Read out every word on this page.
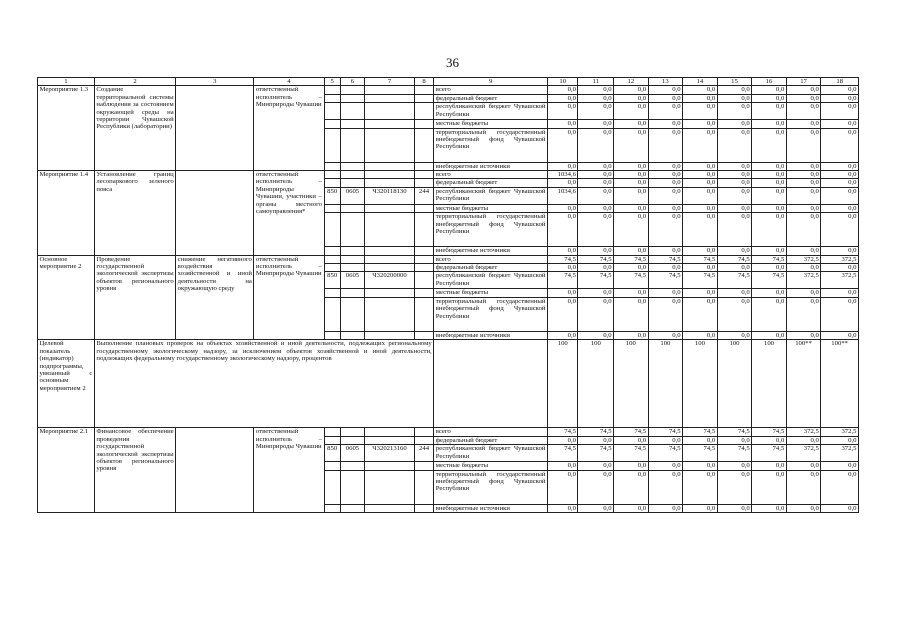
36
1	2	3	4	5	6	7	8	9	10	11	12	13	14	15	16	17	18
Мероприятие 1.3	Создание территориальной системы наблюдения за состоянием окружающей среды на территории Чувашской Республики (лаборатории)		ответственный исполнитель – Минприроды Чувашии					всего	0,0	0,0	0,0	0,0	0,0	0,0	0,0	0,0	0,0
								федеральный бюджет	0,0	0,0	0,0	0,0	0,0	0,0	0,0	0,0	0,0
								республиканский бюджет Чувашской Республики	0,0	0,0	0,0	0,0	0,0	0,0	0,0	0,0	0,0
								местные бюджеты	0,0	0,0	0,0	0,0	0,0	0,0	0,0	0,0	0,0
								территориальный государственный внебюджетный фонд Чувашской Республики	0,0	0,0	0,0	0,0	0,0	0,0	0,0	0,0	0,0
								внебюджетные источники	0,0	0,0	0,0	0,0	0,0	0,0	0,0	0,0	0,0
Мероприятие 1.4	Установление границ лесопаркового зеленого пояса		ответственный исполнитель – Минприроды Чувашии, участники – органы местного самоуправления*					всего	1034,6	0,0	0,0	0,0	0,0	0,0	0,0	0,0	0,0
								федеральный бюджет	0,0	0,0	0,0	0,0	0,0	0,0	0,0	0,0	0,0
				850	0605	Ч320118130	244	республиканский бюджет Чувашской Республики	1034,6	0,0	0,0	0,0	0,0	0,0	0,0	0,0	0,0
								местные бюджеты	0,0	0,0	0,0	0,0	0,0	0,0	0,0	0,0	0,0
								территориальный государственный внебюджетный фонд Чувашской Республики	0,0	0,0	0,0	0,0	0,0	0,0	0,0	0,0	0,0
								внебюджетные источники	0,0	0,0	0,0	0,0	0,0	0,0	0,0	0,0	0,0
Основное мероприятие 2	Проведение государственной экологической экспертизы объектов регионального уровня	снижение негативного воздействия хозяйственной и иной деятельности на окружающую среду	ответственный исполнитель – Минприроды Чувашии					всего	74,5	74,5	74,5	74,5	74,5	74,5	74,5	372,5	372,5
								федеральный бюджет	0,0	0,0	0,0	0,0	0,0	0,0	0,0	0,0	0,0
				850	0605	Ч320200000		республиканский бюджет Чувашской Республики	74,5	74,5	74,5	74,5	74,5	74,5	74,5	372,5	372,5
								местные бюджеты	0,0	0,0	0,0	0,0	0,0	0,0	0,0	0,0	0,0
								территориальный государственный внебюджетный фонд Чувашской Республики	0,0	0,0	0,0	0,0	0,0	0,0	0,0	0,0	0,0
								внебюджетные источники	0,0	0,0	0,0	0,0	0,0	0,0	0,0	0,0	0,0
Целевой показатель (индикатор) подпрограммы, увязанный с основным мероприятием 2	Выполнение плановых проверок на объектах хозяйственной и иной деятельности, подлежащих региональному государственному экологическому надзору, за исключением объектов хозяйственной и иной деятельности, подлежащих федеральному государственному экологическому надзору, процентов								100	100	100	100	100	100	100	100**	100**
Мероприятие 2.1	Финансовое обеспечение проведения государственной экологической экспертизы объектов регионального уровня		ответственный исполнитель – Минприроды Чувашии					всего	74,5	74,5	74,5	74,5	74,5	74,5	74,5	372,5	372,5
								федеральный бюджет	0,0	0,0	0,0	0,0	0,0	0,0	0,0	0,0	0,0
				850	0605	Ч320213160	244	республиканский бюджет Чувашской Республики	74,5	74,5	74,5	74,5	74,5	74,5	74,5	372,5	372,5
								местные бюджеты	0,0	0,0	0,0	0,0	0,0	0,0	0,0	0,0	0,0
								территориальный государственный внебюджетный фонд Чувашской Республики	0,0	0,0	0,0	0,0	0,0	0,0	0,0	0,0	0,0
								внебюджетные источники	0,0	0,0	0,0	0,0	0,0	0,0	0,0	0,0	0,0
